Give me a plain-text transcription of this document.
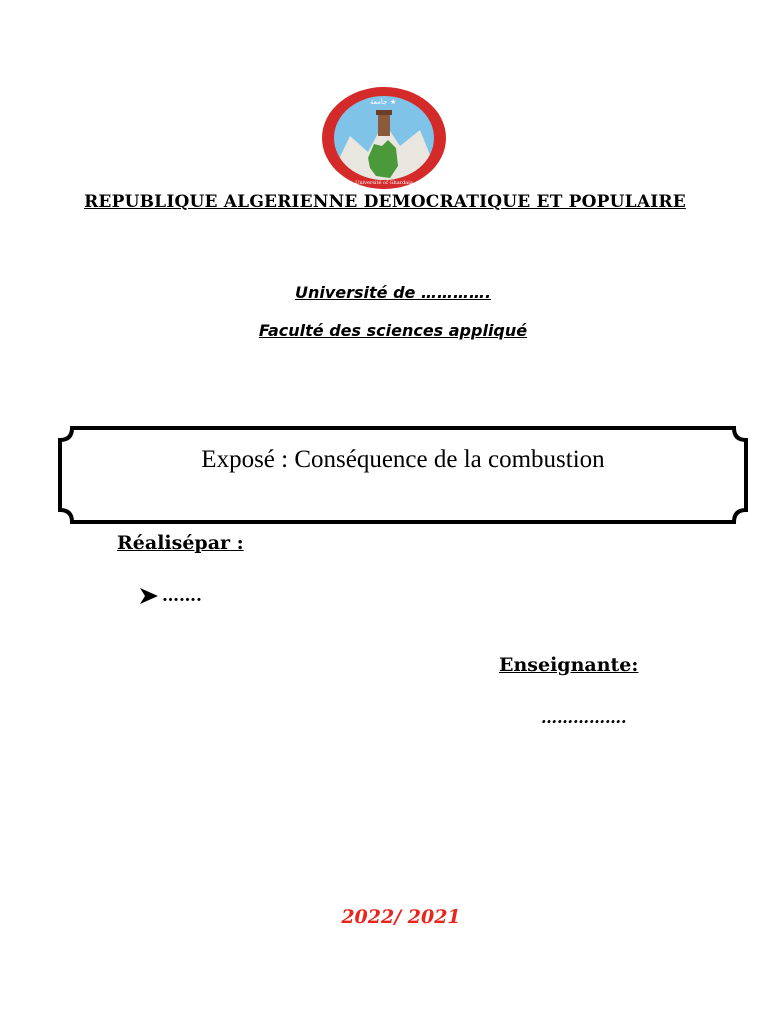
ﺟﺎﻣﻌﺔ ★
Université of Ghardaia
REPUBLIQUE ALGERIENNE DEMOCRATIQUE ET POPULAIRE
Université de ………….
Faculté des sciences appliqué
Exposé : Conséquence de la combustion
Réalisépar :
…….
Enseignante:
…………….
2022/ 2021
